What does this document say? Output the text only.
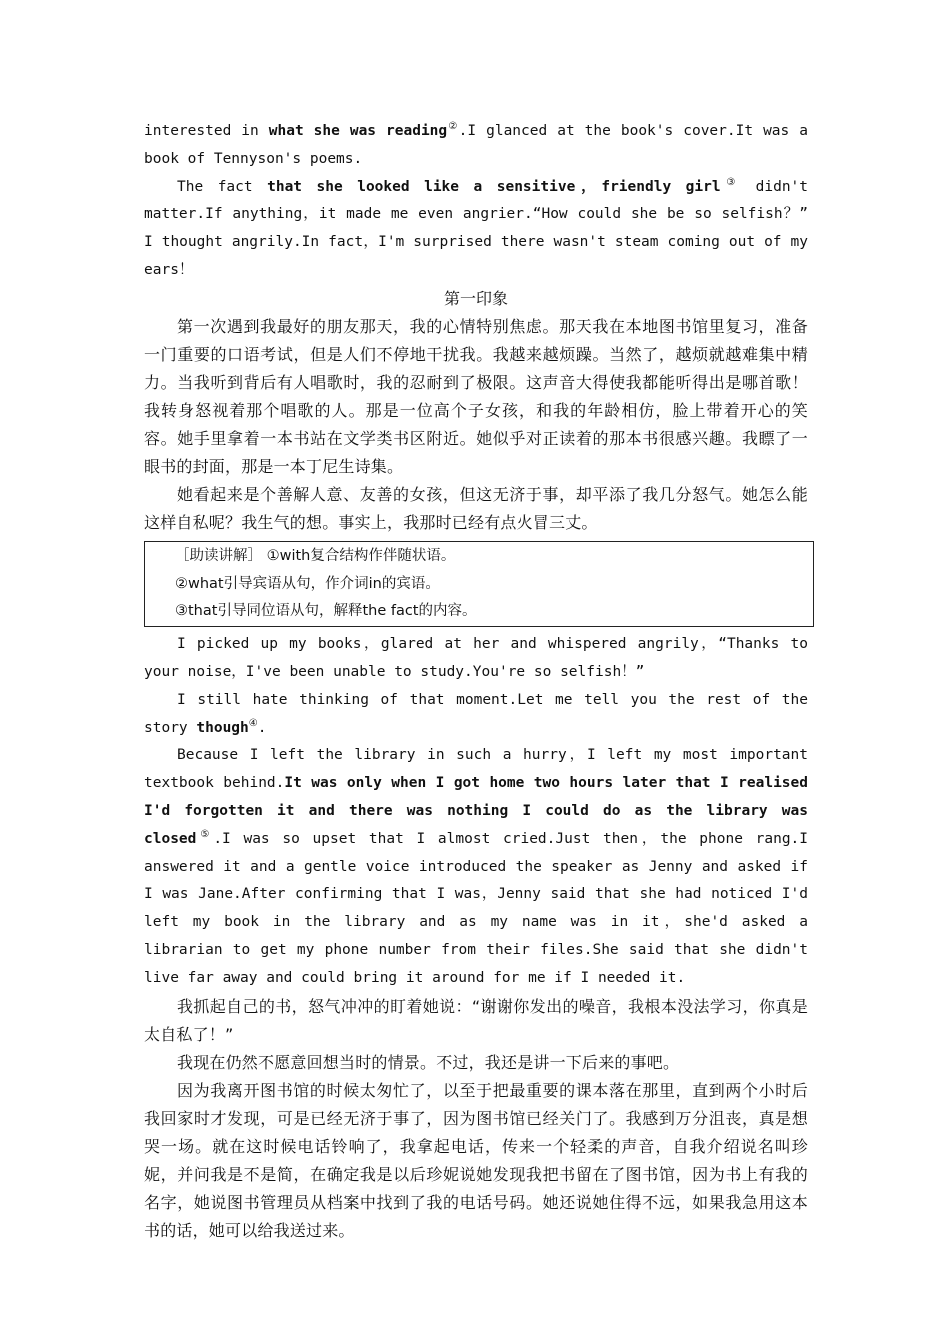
interested in what she was reading②.I glanced at the book's cover.It was a book of Tennyson's poems.

The fact that she looked like a sensitive，friendly girl③ didn't matter.If anything，it made me even angrier.“How could she be so selfish？” I thought angrily.In fact，I'm surprised there wasn't steam coming out of my ears！

第一印象

第一次遇到我最好的朋友那天，我的心情特别焦虑。那天我在本地图书馆里复习，准备一门重要的口语考试，但是人们不停地干扰我。我越来越烦躁。当然了，越烦就越难集中精力。当我听到背后有人唱歌时，我的忍耐到了极限。这声音大得使我都能听得出是哪首歌！我转身怒视着那个唱歌的人。那是一位高个子女孩，和我的年龄相仿，脸上带着开心的笑容。她手里拿着一本书站在文学类书区附近。她似乎对正读着的那本书很感兴趣。我瞟了一眼书的封面，那是一本丁尼生诗集。

她看起来是个善解人意、友善的女孩，但这无济于事，却平添了我几分怒气。她怎么能这样自私呢？我生气的想。事实上，我那时已经有点火冒三丈。

［助读讲解］ ①with复合结构作伴随状语。

②what引导宾语从句，作介词in的宾语。

③that引导同位语从句，解释the fact的内容。

I picked up my books，glared at her and whispered angrily，“Thanks to your noise，I've been unable to study.You're so selfish！”

I still hate thinking of that moment.Let me tell you the rest of the story though④.

Because I left the library in such a hurry，I left my most important textbook behind.It was only when I got home two hours later that I realised I'd forgotten it and there was nothing I could do as the library was closed⑤.I was so upset that I almost cried.Just then，the phone rang.I answered it and a gentle voice introduced the speaker as Jenny and asked if I was Jane.After confirming that I was，Jenny said that she had noticed I'd left my book in the library and as my name was in it，she'd asked a librarian to get my phone number from their files.She said that she didn't live far away and could bring it around for me if I needed it.

我抓起自己的书，怒气冲冲的盯着她说：“谢谢你发出的噪音，我根本没法学习，你真是太自私了！”

我现在仍然不愿意回想当时的情景。不过，我还是讲一下后来的事吧。

因为我离开图书馆的时候太匆忙了，以至于把最重要的课本落在那里，直到两个小时后我回家时才发现，可是已经无济于事了，因为图书馆已经关门了。我感到万分沮丧，真是想哭一场。就在这时候电话铃响了，我拿起电话，传来一个轻柔的声音，自我介绍说名叫珍妮，并问我是不是简，在确定我是以后珍妮说她发现我把书留在了图书馆，因为书上有我的名字，她说图书管理员从档案中找到了我的电话号码。她还说她住得不远，如果我急用这本书的话，她可以给我送过来。
